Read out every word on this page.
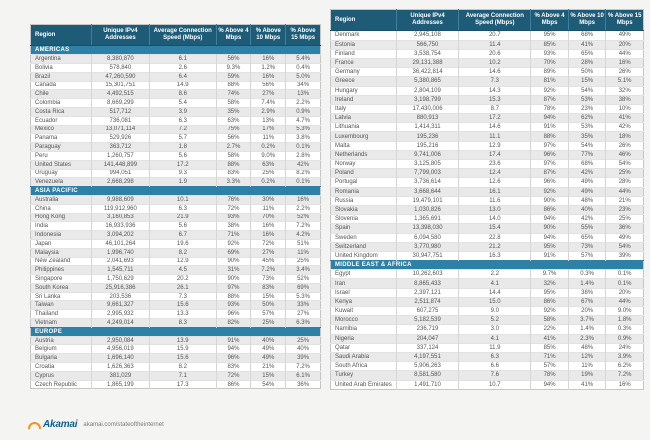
Region	Unique IPv4 Addresses	Average Connection Speed (Mbps)	% Above 4 Mbps	% Above 10 Mbps	% Above 15 Mbps
AMERICAS					
Argentina	8,380,870	6.1	56%	16%	5.4%
Bolivia	578,840	2.6	9.3%	1.2%	0.4%
Brazil	47,260,590	6.4	59%	16%	5.0%
Canada	15,301,751	14.9	88%	56%	34%
Chile	4,492,515	8.6	74%	27%	13%
Colombia	8,669,299	5.4	58%	7.4%	2.2%
Costa Rica	517,712	3.9	35%	2.9%	0.9%
Ecuador	736,081	6.3	63%	13%	4.7%
Mexico	13,071,114	7.2	75%	17%	5.3%
Panama	529,926	5.7	56%	11%	3.8%
Paraguay	363,712	1.8	2.7%	0.2%	0.1%
Peru	1,260,757	5.6	58%	9.0%	2.8%
United States	141,448,899	17.2	88%	63%	42%
Uruguay	994,051	9.3	83%	25%	8.2%
Venezuela	2,668,298	1.9	3.3%	0.2%	0.1%
ASIA PACIFIC					
Australia	9,988,609	10.1	76%	30%	16%
China	119,912,960	6.3	72%	11%	2.2%
Hong Kong	3,160,853	21.9	93%	70%	52%
India	16,933,936	5.6	38%	16%	7.2%
Indonesia	3,094,202	6.7	71%	16%	4.2%
Japan	46,101,264	19.6	92%	72%	51%
Malaysia	1,996,740	8.2	69%	27%	11%
New Zealand	2,041,693	12.9	90%	45%	25%
Philippines	1,545,711	4.5	31%	7.2%	3.4%
Singapore	1,750,629	20.2	90%	73%	52%
South Korea	25,916,386	26.1	97%	83%	69%
Sri Lanka	203,536	7.3	88%	15%	5.3%
Taiwan	9,661,327	15.6	93%	50%	33%
Thailand	2,995,932	13.3	96%	57%	27%
Vietnam	4,249,014	8.3	82%	25%	6.3%
EUROPE					
Austria	2,950,084	13.9	91%	40%	25%
Belgium	4,956,019	15.9	94%	49%	40%
Bulgaria	1,696,140	15.6	96%	49%	39%
Croatia	1,626,363	8.2	83%	21%	7.2%
Cyprus	381,029	7.1	72%	15%	6.1%
Czech Republic	1,865,199	17.3	86%	54%	36%
Region	Unique IPv4 Addresses	Average Connection Speed (Mbps)	% Above 4 Mbps	% Above 10 Mbps	% Above 15 Mbps
Denmark	2,945,108	20.7	95%	68%	49%
Estonia	566,750	11.4	85%	41%	20%
Finland	3,538,754	20.6	93%	65%	44%
France	29,131,388	10.2	70%	28%	16%
Germany	36,422,814	14.6	89%	50%	26%
Greece	5,380,865	7.3	81%	15%	5.1%
Hungary	2,804,109	14.3	92%	54%	32%
Ireland	3,198,799	15.3	87%	53%	38%
Italy	17,430,006	8.7	78%	23%	10%
Latvia	880,913	17.2	94%	62%	41%
Lithuania	1,414,311	14.6	91%	53%	42%
Luxembourg	195,236	11.1	88%	35%	18%
Malta	195,216	12.9	97%	54%	26%
Netherlands	9,741,006	17.4	96%	77%	46%
Norway	3,125,805	23.6	97%	68%	54%
Poland	7,799,003	12.4	87%	42%	25%
Portugal	3,736,614	12.6	96%	49%	28%
Romania	3,668,644	16.1	92%	49%	44%
Russia	19,479,101	11.6	90%	48%	21%
Slovakia	1,030,826	13.0	86%	40%	23%
Slovenia	1,365,691	14.0	94%	42%	25%
Spain	13,398,030	15.4	90%	55%	36%
Sweden	6,094,580	22.8	94%	65%	49%
Switzerland	3,770,980	21.2	95%	73%	54%
United Kingdom	30,947,751	16.3	91%	57%	39%
MIDDLE EAST & AFRICA					
Egypt	10,262,603	2.2	9.7%	0.3%	0.1%
Iran	8,865,433	4.1	32%	1.4%	0.1%
Israel	2,397,121	14.4	95%	38%	20%
Kenya	2,511,874	15.0	86%	67%	44%
Kuwait	607,275	9.0	92%	20%	9.0%
Morocco	5,182,539	5.2	58%	3.7%	1.8%
Namibia	236,719	3.0	22%	1.4%	0.3%
Nigeria	204,047	4.1	41%	2.3%	0.9%
Qatar	337,124	11.9	85%	48%	24%
Saudi Arabia	4,197,551	6.3	71%	12%	3.9%
South Africa	5,906,263	6.6	57%	11%	6.2%
Turkey	8,581,580	7.6	78%	19%	7.2%
United Arab Emirates	1,491,710	10.7	94%	41%	16%
Akamai akamai.com/stateoftheinternet
